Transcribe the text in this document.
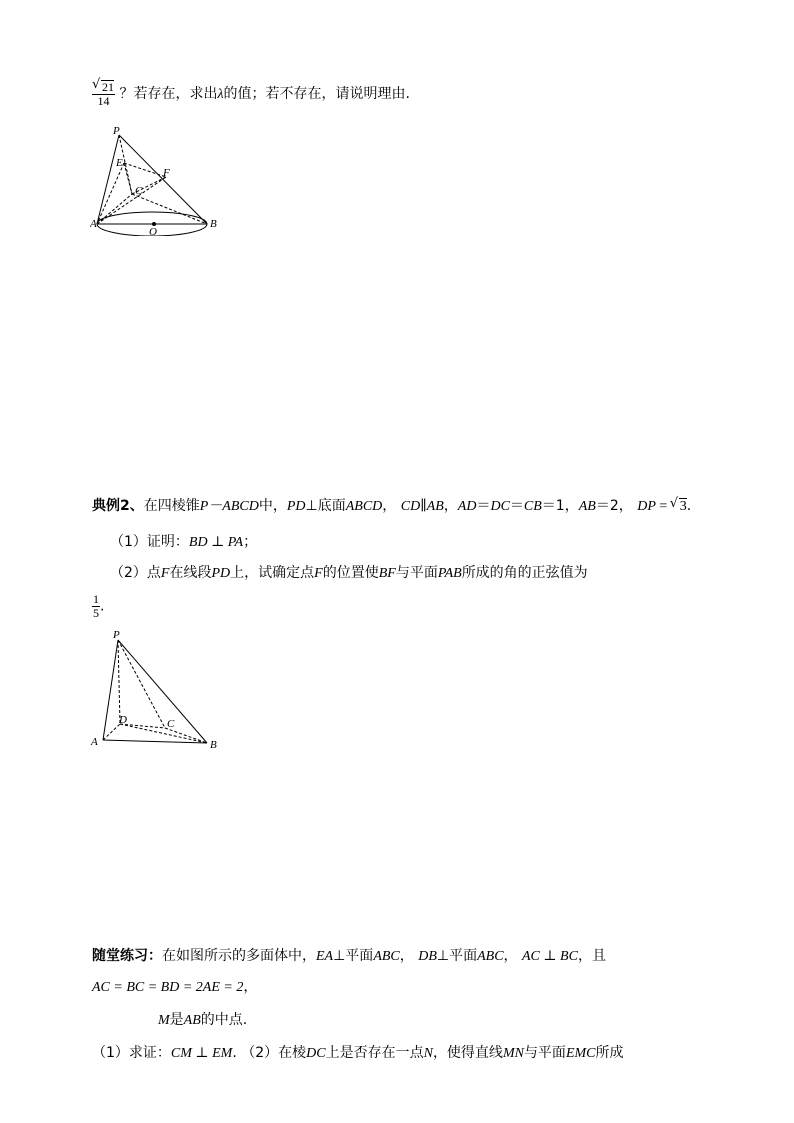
√ $\frac{21}{14}$ ？若存在，求出λ的值；若不存在，请说明理由.
P
E
F
C
A
O
B
典例2、在四棱锥P－ABCD中，PD⊥底面ABCD， CD∥AB，AD＝DC＝CB＝1，AB＝2， DP = √ 3.
（1）证明：BD ⊥ PA；
（2）点F在线段PD上，试确定点F的位置使BF与平面PAB所成的角的正弦值为
$\frac{1}{5}$ .
P
D	C
A	B
随堂练习：在如图所示的多面体中，EA⊥平面ABC， DB⊥平面ABC， AC ⊥ BC，且
AC = BC = BD = 2AE = 2，
M是AB的中点.
（1）求证：CM ⊥ EM. （2）在棱DC上是否存在一点N，使得直线MN与平面EMC所成
